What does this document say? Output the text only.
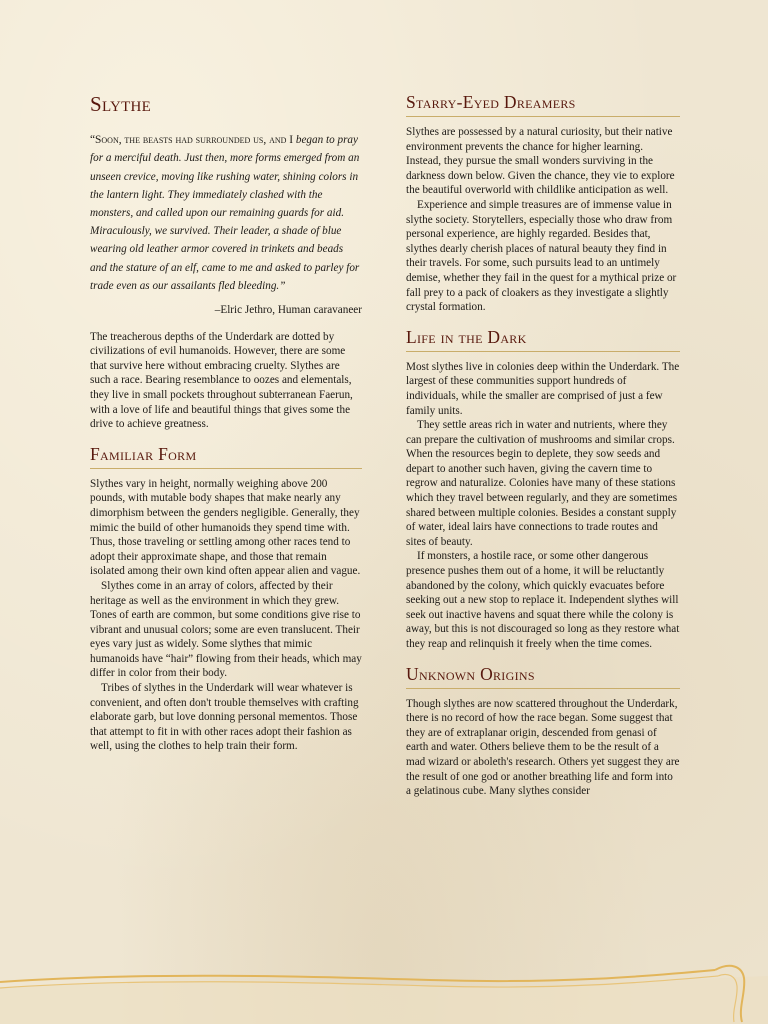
Slythe

“Soon, the beasts had surrounded us, and I began to pray for a merciful death. Just then, more forms emerged from an unseen crevice, moving like rushing water, shining colors in the lantern light. They immediately clashed with the monsters, and called upon our remaining guards for aid. Miraculously, we survived. Their leader, a shade of blue wearing old leather armor covered in trinkets and beads and the stature of an elf, came to me and asked to parley for trade even as our assailants fled bleeding.”

–Elric Jethro, Human caravaneer

The treacherous depths of the Underdark are dotted by civilizations of evil humanoids. However, there are some that survive here without embracing cruelty. Slythes are such a race. Bearing resemblance to oozes and elementals, they live in small pockets throughout subterranean Faerun, with a love of life and beautiful things that gives some the drive to achieve greatness.

Familiar Form

Slythes vary in height, normally weighing above 200 pounds, with mutable body shapes that make nearly any dimorphism between the genders negligible. Generally, they mimic the build of other humanoids they spend time with. Thus, those traveling or settling among other races tend to adopt their approximate shape, and those that remain isolated among their own kind often appear alien and vague.

Slythes come in an array of colors, affected by their heritage as well as the environment in which they grew. Tones of earth are common, but some conditions give rise to vibrant and unusual colors; some are even translucent. Their eyes vary just as widely. Some slythes that mimic humanoids have “hair” flowing from their heads, which may differ in color from their body.

Tribes of slythes in the Underdark will wear whatever is convenient, and often don't trouble themselves with crafting elaborate garb, but love donning personal mementos. Those that attempt to fit in with other races adopt their fashion as well, using the clothes to help train their form.

Starry-Eyed Dreamers

Slythes are possessed by a natural curiosity, but their native environment prevents the chance for higher learning. Instead, they pursue the small wonders surviving in the darkness down below. Given the chance, they vie to explore the beautiful overworld with childlike anticipation as well.

Experience and simple treasures are of immense value in slythe society. Storytellers, especially those who draw from personal experience, are highly regarded. Besides that, slythes dearly cherish places of natural beauty they find in their travels. For some, such pursuits lead to an untimely demise, whether they fail in the quest for a mythical prize or fall prey to a pack of cloakers as they investigate a slightly crystal formation.

Life in the Dark

Most slythes live in colonies deep within the Underdark. The largest of these communities support hundreds of individuals, while the smaller are comprised of just a few family units.

They settle areas rich in water and nutrients, where they can prepare the cultivation of mushrooms and similar crops. When the resources begin to deplete, they sow seeds and depart to another such haven, giving the cavern time to regrow and naturalize. Colonies have many of these stations which they travel between regularly, and they are sometimes shared between multiple colonies. Besides a constant supply of water, ideal lairs have connections to trade routes and sites of beauty.

If monsters, a hostile race, or some other dangerous presence pushes them out of a home, it will be reluctantly abandoned by the colony, which quickly evacuates before seeking out a new stop to replace it. Independent slythes will seek out inactive havens and squat there while the colony is away, but this is not discouraged so long as they restore what they reap and relinquish it freely when the time comes.

Unknown Origins

Though slythes are now scattered throughout the Underdark, there is no record of how the race began. Some suggest that they are of extraplanar origin, descended from genasi of earth and water. Others believe them to be the result of a mad wizard or aboleth's research. Others yet suggest they are the result of one god or another breathing life and form into a gelatinous cube. Many slythes consider
